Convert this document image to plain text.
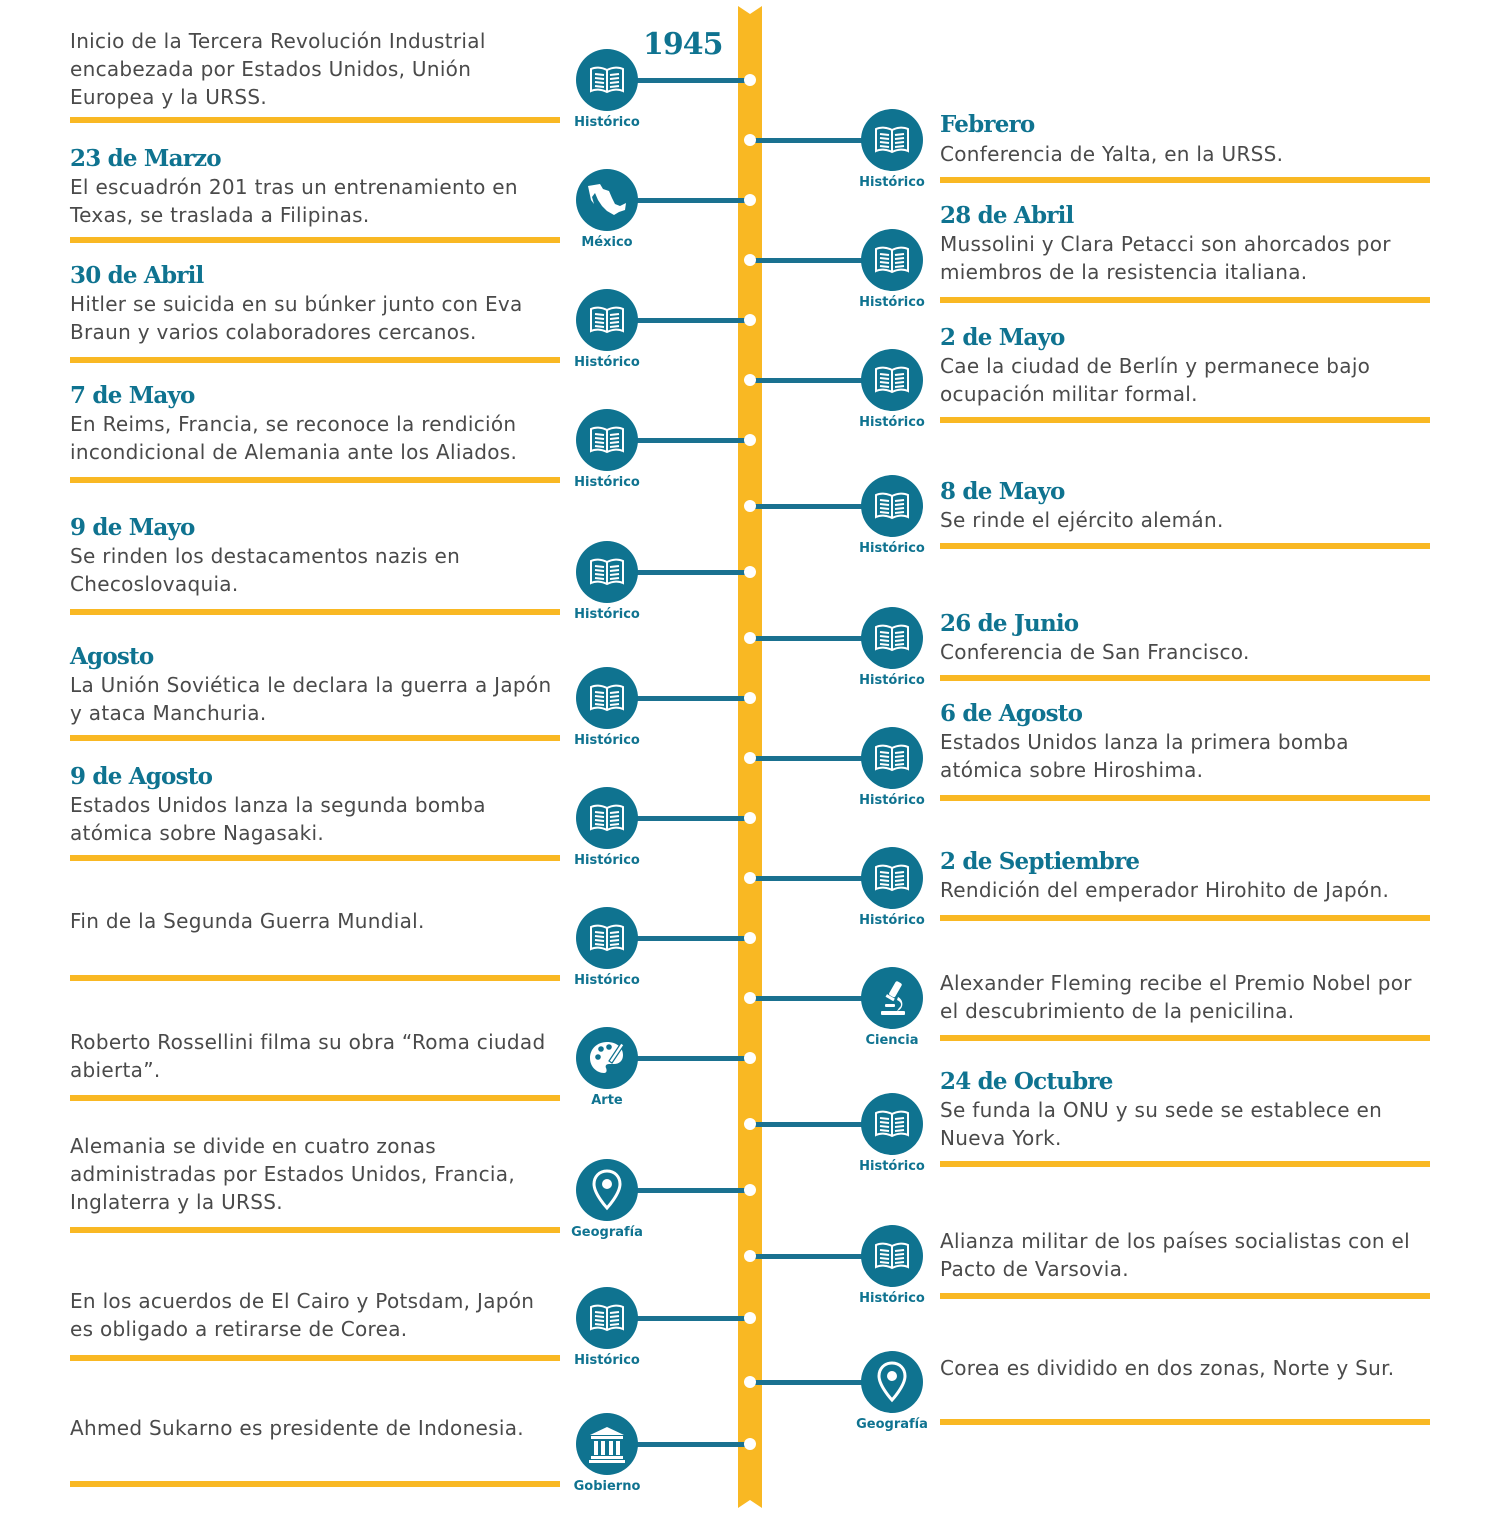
1945
Histórico
Inicio de la Tercera Revolución Industrial encabezada por Estados Unidos, Unión Europea y la URSS.
México
23 de Marzo
El escuadrón 201 tras un entrenamiento en Texas, se traslada a Filipinas.
Histórico
30 de Abril
Hitler se suicida en su búnker junto con Eva Braun y varios colaboradores cercanos.
Histórico
7 de Mayo
En Reims, Francia, se reconoce la rendición incondicional de Alemania ante los Aliados.
Histórico
9 de Mayo
Se rinden los destacamentos nazis en Checoslovaquia.
Histórico
Agosto
La Unión Soviética le declara la guerra a Japón y ataca Manchuria.
Histórico
9 de Agosto
Estados Unidos lanza la segunda bomba atómica sobre Nagasaki.
Histórico
Fin de la Segunda Guerra Mundial.
Arte
Roberto Rossellini filma su obra “Roma ciudad abierta”.
Geografía
Alemania se divide en cuatro zonas administradas por Estados Unidos, Francia, Inglaterra y la URSS.
Histórico
En los acuerdos de El Cairo y Potsdam, Japón es obligado a retirarse de Corea.
Gobierno
Ahmed Sukarno es presidente de Indonesia.
Histórico
Febrero
Conferencia de Yalta, en la URSS.
Histórico
28 de Abril
Mussolini y Clara Petacci son ahorcados por miembros de la resistencia italiana.
Histórico
2 de Mayo
Cae la ciudad de Berlín y permanece bajo ocupación militar formal.
Histórico
8 de Mayo
Se rinde el ejército alemán.
Histórico
26 de Junio
Conferencia de San Francisco.
Histórico
6 de Agosto
Estados Unidos lanza la primera bomba atómica sobre Hiroshima.
Histórico
2 de Septiembre
Rendición del emperador Hirohito de Japón.
Ciencia
Alexander Fleming recibe el Premio Nobel por el descubrimiento de la penicilina.
Histórico
24 de Octubre
Se funda la ONU y su sede se establece en Nueva York.
Histórico
Alianza militar de los países socialistas con el Pacto de Varsovia.
Geografía
Corea es dividido en dos zonas, Norte y Sur.
